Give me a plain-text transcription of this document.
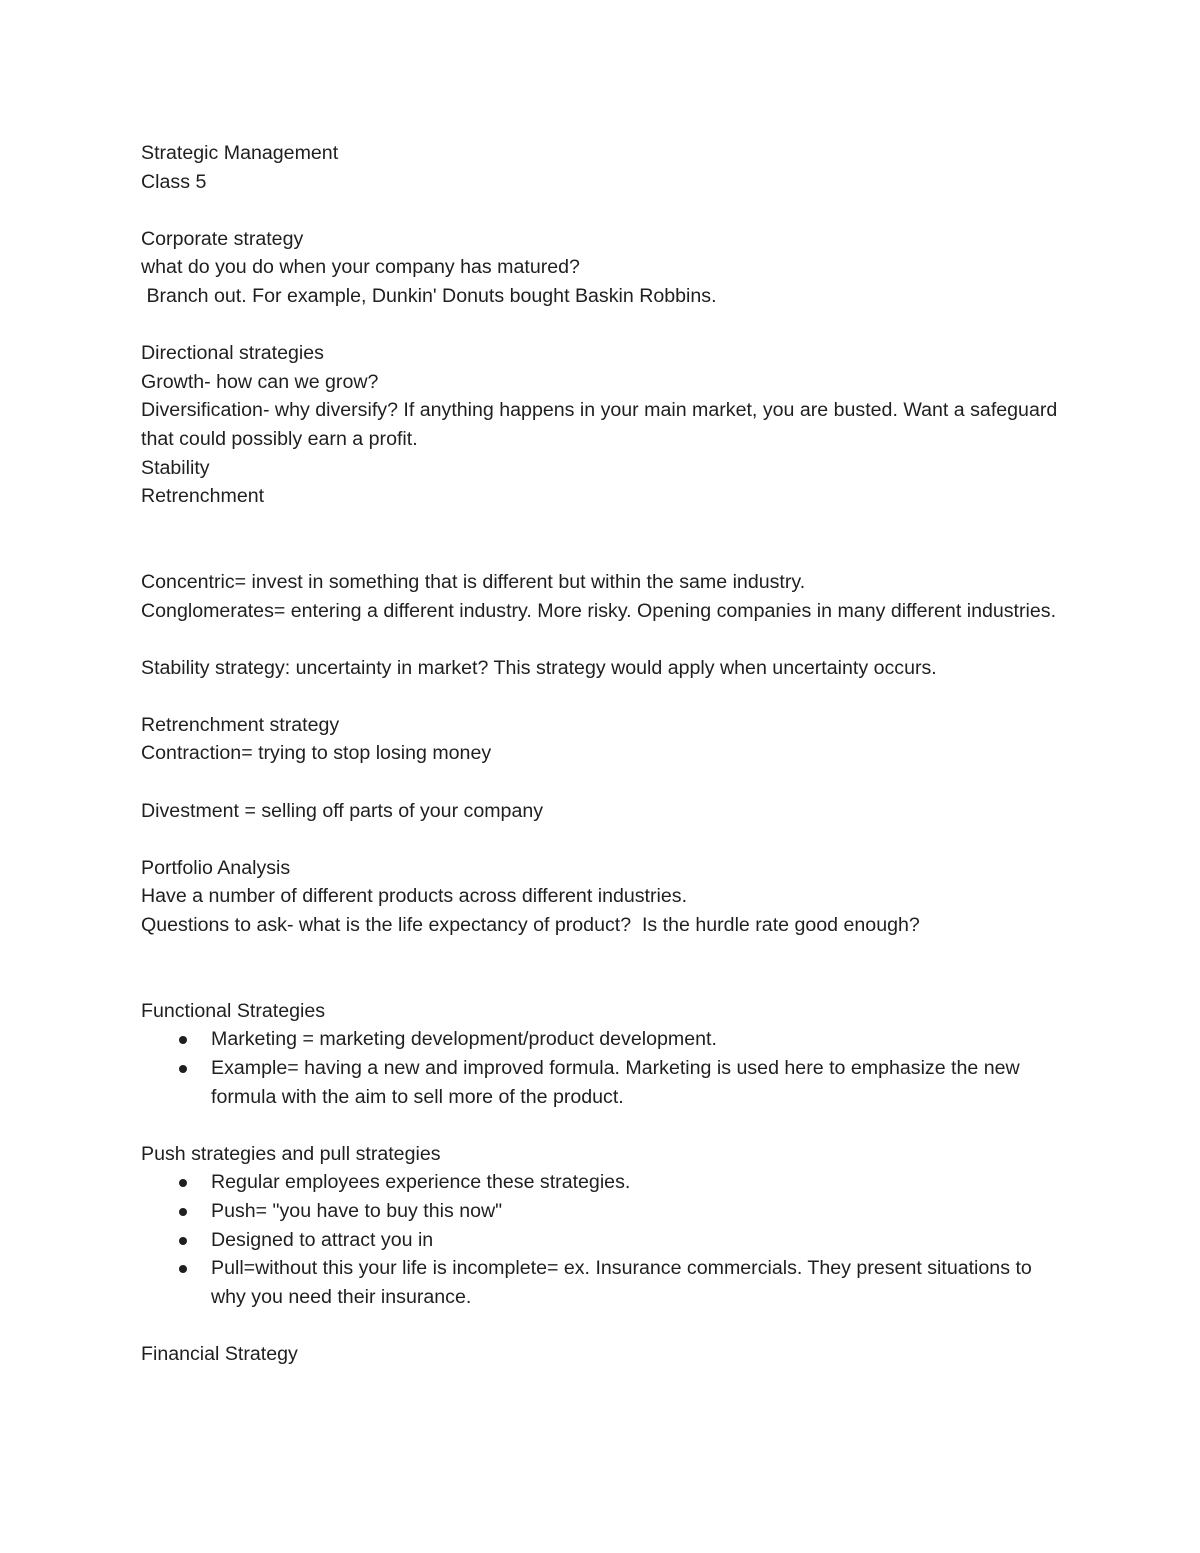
Strategic Management

Class 5

Corporate strategy

what do you do when your company has matured?

Branch out. For example, Dunkin' Donuts bought Baskin Robbins.

Directional strategies

Growth- how can we grow?

Diversification- why diversify? If anything happens in your main market, you are busted. Want a safeguard that could possibly earn a profit.

Stability

Retrenchment

Concentric= invest in something that is different but within the same industry.

Conglomerates= entering a different industry. More risky. Opening companies in many different industries.

Stability strategy: uncertainty in market? This strategy would apply when uncertainty occurs.

Retrenchment strategy

Contraction= trying to stop losing money

Divestment = selling off parts of your company

Portfolio Analysis

Have a number of different products across different industries.

Questions to ask- what is the life expectancy of product?  Is the hurdle rate good enough?

Functional Strategies

Marketing = marketing development/product development.
Example= having a new and improved formula. Marketing is used here to emphasize the new formula with the aim to sell more of the product.

Push strategies and pull strategies

Regular employees experience these strategies.
Push= "you have to buy this now"
Designed to attract you in
Pull=without this your life is incomplete= ex. Insurance commercials. They present situations to why you need their insurance.

Financial Strategy
